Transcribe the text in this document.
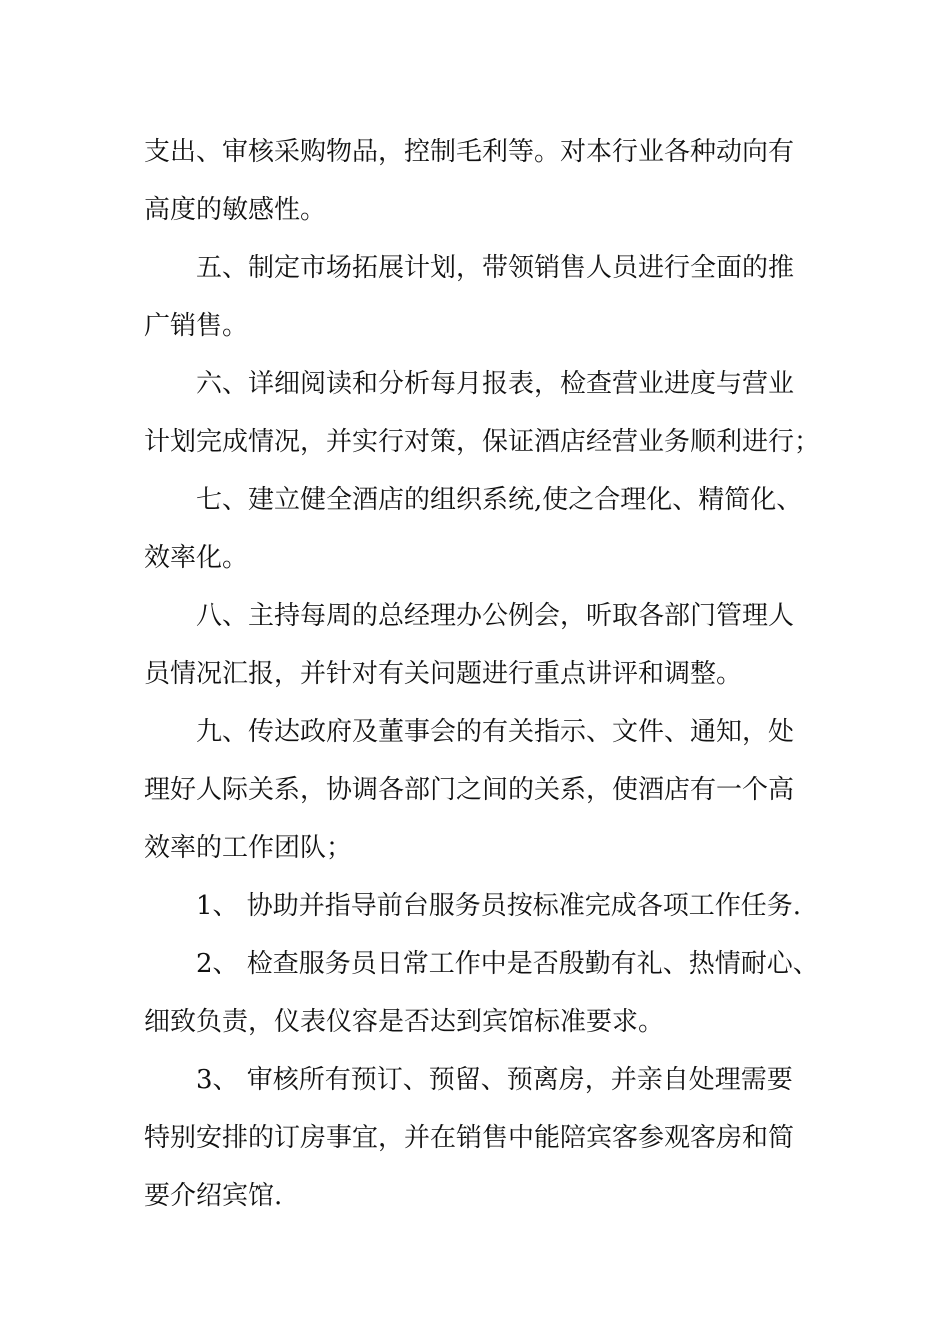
支出、审核采购物品，控制毛利等。对本行业各种动向有
高度的敏感性。
五、制定市场拓展计划，带领销售人员进行全面的推
广销售。
六、详细阅读和分析每月报表，检查营业进度与营业
计划完成情况，并实行对策，保证酒店经营业务顺利进行；
七、建立健全酒店的组织系统,使之合理化、精简化、
效率化。
八、主持每周的总经理办公例会，听取各部门管理人
员情况汇报，并针对有关问题进行重点讲评和调整。
九、传达政府及董事会的有关指示、文件、通知，处
理好人际关系，协调各部门之间的关系，使酒店有一个高
效率的工作团队；
1、 协助并指导前台服务员按标准完成各项工作任务.
2、 检查服务员日常工作中是否殷勤有礼、热情耐心、
细致负责，仪表仪容是否达到宾馆标准要求。
3、 审核所有预订、预留、预离房，并亲自处理需要
特别安排的订房事宜，并在销售中能陪宾客参观客房和简
要介绍宾馆.
